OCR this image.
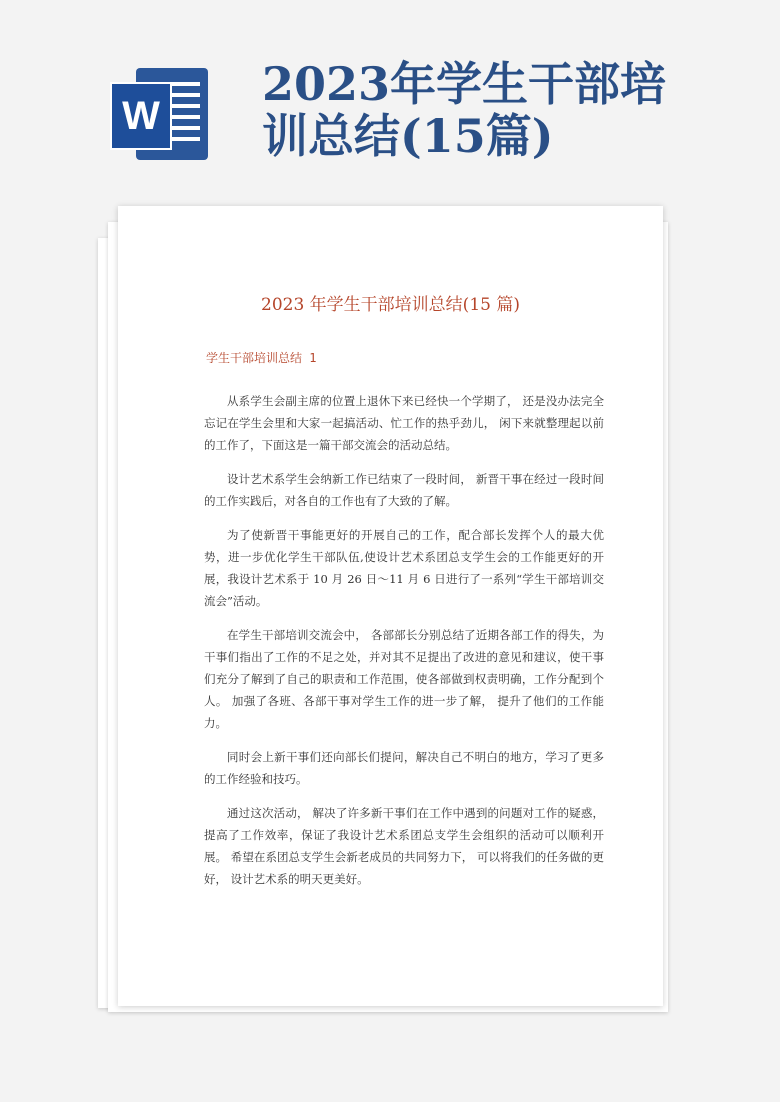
W
2023年学生干部培训总结(15篇)
2023 年学生干部培训总结(15 篇)
学生干部培训总结 1

从系学生会副主席的位置上退休下来已经快一个学期了， 还是没办法完全忘记在学生会里和大家一起搞活动、忙工作的热乎劲儿， 闲下来就整理起以前的工作了，下面这是一篇干部交流会的活动总结。

设计艺术系学生会纳新工作已结束了一段时间， 新晋干事在经过一段时间的工作实践后，对各自的工作也有了大致的了解。

为了使新晋干事能更好的开展自己的工作，配合部长发挥个人的最大优势，进一步优化学生干部队伍,使设计艺术系团总支学生会的工作能更好的开展，我设计艺术系于 10 月 26 日～11 月 6 日进行了一系列“学生干部培训交流会”活动。

在学生干部培训交流会中， 各部部长分别总结了近期各部工作的得失，为干事们指出了工作的不足之处，并对其不足提出了改进的意见和建议，使干事们充分了解到了自己的职责和工作范围，使各部做到权责明确，工作分配到个人。 加强了各班、各部干事对学生工作的进一步了解， 提升了他们的工作能力。

同时会上新干事们还向部长们提问，解决自己不明白的地方，学习了更多的工作经验和技巧。

通过这次活动， 解决了许多新干事们在工作中遇到的问题对工作的疑惑，提高了工作效率，保证了我设计艺术系团总支学生会组织的活动可以顺利开展。 希望在系团总支学生会新老成员的共同努力下， 可以将我们的任务做的更好， 设计艺术系的明天更美好。
